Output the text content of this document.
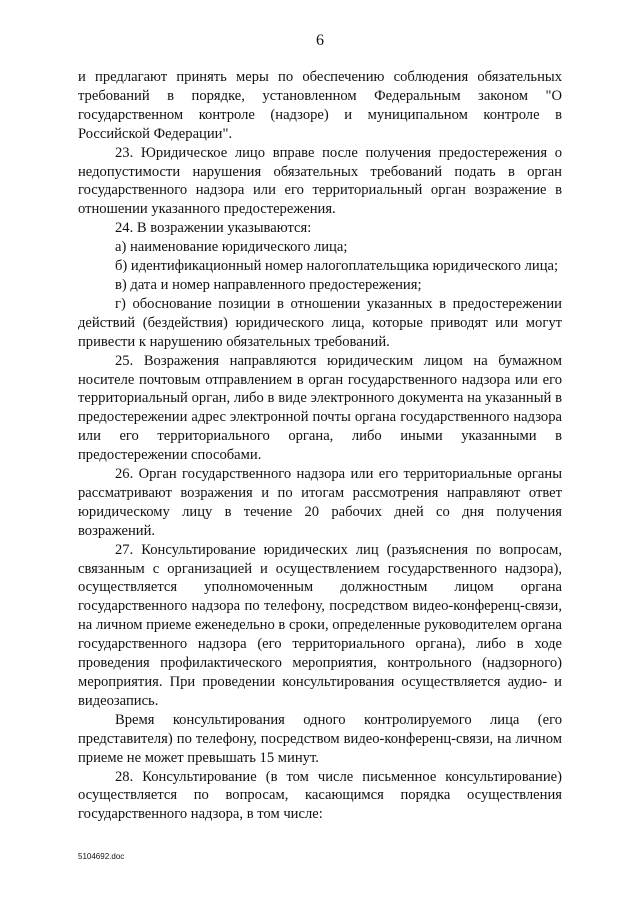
6

и предлагают принять меры по обеспечению соблюдения обязательных требований в порядке, установленном Федеральным законом "О государственном контроле (надзоре) и муниципальном контроле в Российской Федерации".

23. Юридическое лицо вправе после получения предостережения о недопустимости нарушения обязательных требований подать в орган государственного надзора или его территориальный орган возражение в отношении указанного предостережения.

24. В возражении указываются:

а) наименование юридического лица;

б) идентификационный номер налогоплательщика юридического лица;

в) дата и номер направленного предостережения;

г) обоснование позиции в отношении указанных в предостережении действий (бездействия) юридического лица, которые приводят или могут привести к нарушению обязательных требований.

25. Возражения направляются юридическим лицом на бумажном носителе почтовым отправлением в орган государственного надзора или его территориальный орган, либо в виде электронного документа на указанный в предостережении адрес электронной почты органа государственного надзора или его территориального органа, либо иными указанными в предостережении способами.

26. Орган государственного надзора или его территориальные органы рассматривают возражения и по итогам рассмотрения направляют ответ юридическому лицу в течение 20 рабочих дней со дня получения возражений.

27. Консультирование юридических лиц (разъяснения по вопросам, связанным с организацией и осуществлением государственного надзора), осуществляется уполномоченным должностным лицом органа государственного надзора по телефону, посредством видео-конференц-связи, на личном приеме еженедельно в сроки, определенные руководителем органа государственного надзора (его территориального органа), либо в ходе проведения профилактического мероприятия, контрольного (надзорного) мероприятия. При проведении консультирования осуществляется аудио- и видеозапись.

Время консультирования одного контролируемого лица (его представителя) по телефону, посредством видео-конференц-связи, на личном приеме не может превышать 15 минут.

28. Консультирование (в том числе письменное консультирование) осуществляется по вопросам, касающимся порядка осуществления государственного надзора, в том числе:

5104692.doc
